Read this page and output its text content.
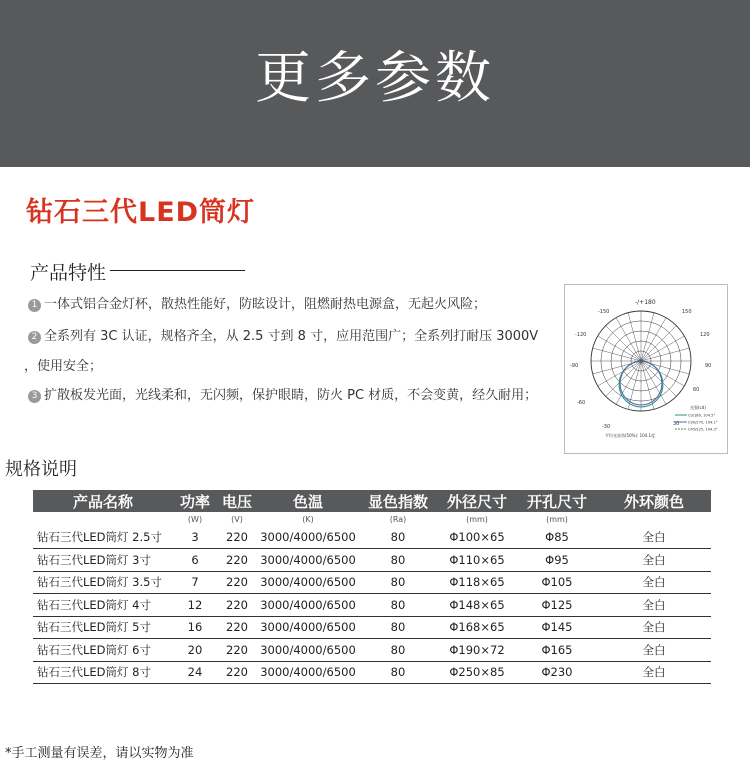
更多参数
钻石三代LED筒灯
产品特性
1 一体式铝合金灯杯，散热性能好，防眩设计，阻燃耐热电源盒，无起火风险；
2 全系列有 3C 认证，规格齐全，从 2.5 寸到 8 寸，应用范围广；全系列打耐压 3000V
，使用安全；
3 扩散板发光面，光线柔和，无闪频，保护眼睛，防火 PC 材质，不会变黄，经久耐用；
-/+180
-150	150
-120	120
-90	90
-60
60
-30	30
光强(cd)
C0/180, 104.5°
C90/270, 104.1°
C45/225, 104.3°
平均光束角(50%): 104.1度
规格说明
产品名称	功率	电压	色温	显色指数	外径尺寸	开孔尺寸	外环颜色
	(W)	(V)	(K)	(Ra)	(mm)	(mm)	
钻石三代LED筒灯 2.5寸	3	220	3000/4000/6500	80	Φ100×65	Φ85	全白
钻石三代LED筒灯 3寸	6	220	3000/4000/6500	80	Φ110×65	Φ95	全白
钻石三代LED筒灯 3.5寸	7	220	3000/4000/6500	80	Φ118×65	Φ105	全白
钻石三代LED筒灯 4寸	12	220	3000/4000/6500	80	Φ148×65	Φ125	全白
钻石三代LED筒灯 5寸	16	220	3000/4000/6500	80	Φ168×65	Φ145	全白
钻石三代LED筒灯 6寸	20	220	3000/4000/6500	80	Φ190×72	Φ165	全白
钻石三代LED筒灯 8寸	24	220	3000/4000/6500	80	Φ250×85	Φ230	全白
*手工测量有误差，请以实物为准
